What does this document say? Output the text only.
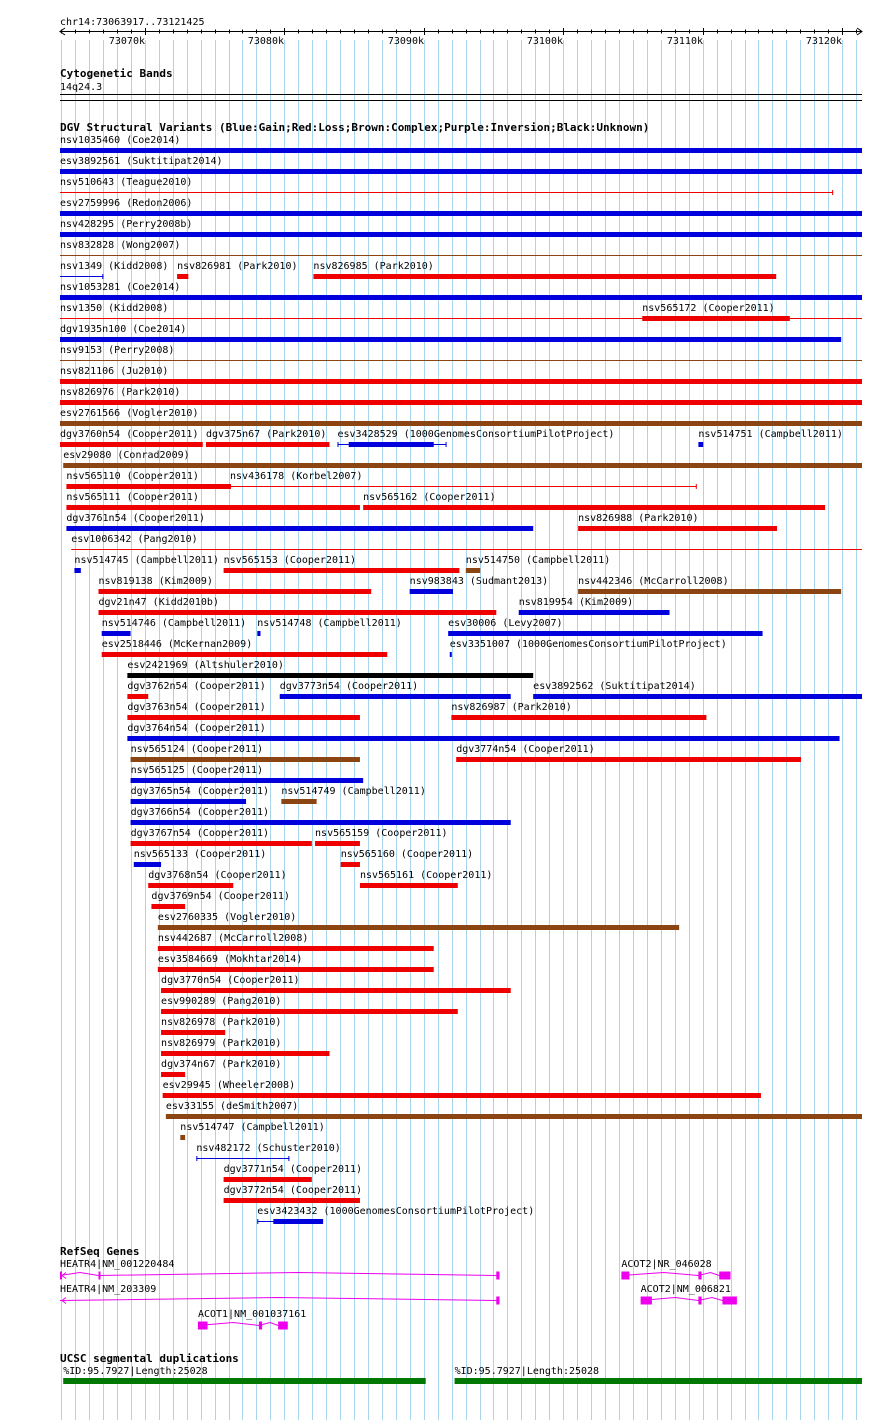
chr14:73063917..73121425
73070k	73080k	73090k	73100k	73110k	73120k
Cytogenetic Bands
14q24.3
DGV Structural Variants (Blue:Gain;Red:Loss;Brown:Complex;Purple:Inversion;Black:Unknown)
nsv1035460 (Coe2014)
esv3892561 (Suktitipat2014)
nsv510643 (Teague2010)
esv2759996 (Redon2006)
nsv428295 (Perry2008b)
nsv832828 (Wong2007)
nsv1349 (Kidd2008) nsv826981 (Park2010) nsv826985 (Park2010)
nsv1053281 (Coe2014)
nsv1350 (Kidd2008)	nsv565172 (Cooper2011)
dgv1935n100 (Coe2014)
nsv9153 (Perry2008)
nsv821106 (Ju2010)
nsv826976 (Park2010)
esv2761566 (Vogler2010)
dgv3760n54 (Cooper2011) dgv375n67 (Park2010) esv3428529 (1000GenomesConsortiumPilotProject)	nsv514751 (Campbell2011)
esv29080 (Conrad2009)
nsv565110 (Cooper2011)	nsv436178 (Korbel2007)
nsv565111 (Cooper2011)	nsv565162 (Cooper2011)
dgv3761n54 (Cooper2011)	nsv826988 (Park2010)
esv1006342 (Pang2010)
nsv514745 (Campbell2011) nsv565153 (Cooper2011)	nsv514750 (Campbell2011)
nsv819138 (Kim2009)	nsv983843 (Sudmant2013)	nsv442346 (McCarroll2008)
dgv21n47 (Kidd2010b)	nsv819954 (Kim2009)
nsv514746 (Campbell2011) nsv514748 (Campbell2011)	esv30006 (Levy2007)
esv2518446 (McKernan2009)	esv3351007 (1000GenomesConsortiumPilotProject)
esv2421969 (Altshuler2010)
dgv3762n54 (Cooper2011) dgv3773n54 (Cooper2011)	esv3892562 (Suktitipat2014)
dgv3763n54 (Cooper2011)	nsv826987 (Park2010)
dgv3764n54 (Cooper2011)
nsv565124 (Cooper2011)	dgv3774n54 (Cooper2011)
nsv565125 (Cooper2011)
dgv3765n54 (Cooper2011) nsv514749 (Campbell2011)
dgv3766n54 (Cooper2011)
dgv3767n54 (Cooper2011)	nsv565159 (Cooper2011)
nsv565133 (Cooper2011)	nsv565160 (Cooper2011)
dgv3768n54 (Cooper2011)	nsv565161 (Cooper2011)
dgv3769n54 (Cooper2011)
esv2760335 (Vogler2010)
nsv442687 (McCarroll2008)
esv3584669 (Mokhtar2014)
dgv3770n54 (Cooper2011)
esv990289 (Pang2010)
nsv826978 (Park2010)
nsv826979 (Park2010)
dgv374n67 (Park2010)
esv29945 (Wheeler2008)
esv33155 (deSmith2007)
nsv514747 (Campbell2011)
nsv482172 (Schuster2010)
dgv3771n54 (Cooper2011)
dgv3772n54 (Cooper2011)
esv3423432 (1000GenomesConsortiumPilotProject)
RefSeq Genes
HEATR4|NM_001220484	ACOT2|NR_046028
HEATR4|NM_203309	ACOT2|NM_006821
ACOT1|NM_001037161
UCSC segmental duplications
%ID:95.7927|Length:25028	%ID:95.7927|Length:25028
